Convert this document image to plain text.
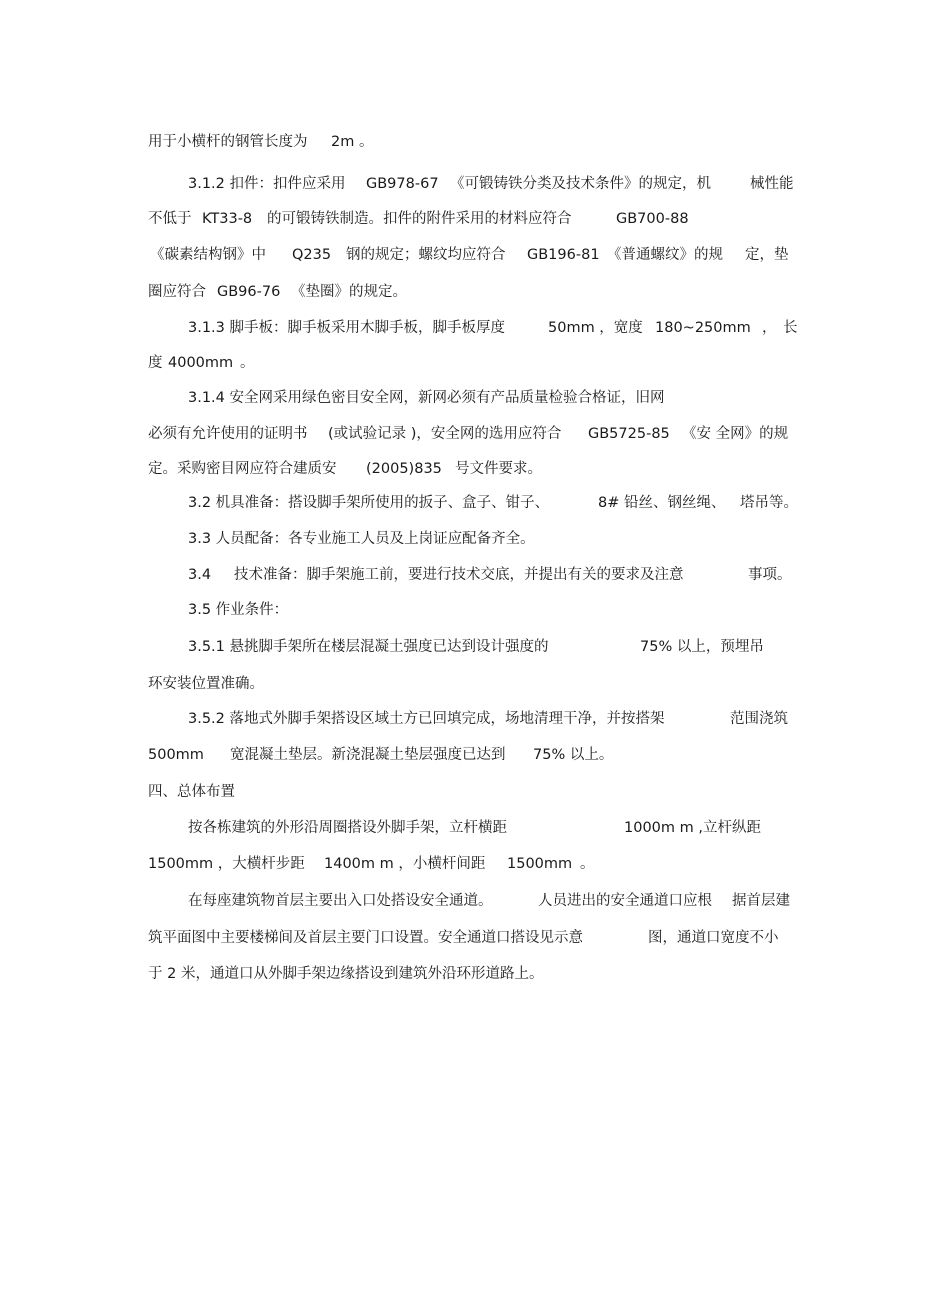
用于小横杆的钢管长度为 2m 。
3.1.2 扣件：扣件应采用 GB978-67 《可锻铸铁分类及技术条件》的规定，机	械性能
不低于 KT33-8 的可锻铸铁制造。扣件的附件采用的材料应符合	GB700-88
《碳素结构钢》中 Q235 钢的规定；螺纹均应符合 GB196-81 《普通螺纹》的规 定，垫
圈应符合 GB96-76 《垫圈》的规定。
3.1.3 脚手板：脚手板采用木脚手板，脚手板厚度	50mm ，宽度 180~250mm ， 长
度 4000mm 。
3.1.4 安全网采用绿色密目安全网，新网必须有产品质量检验合格证，旧网
必须有允许使用的证明书 (或试验记录 )，安全网的选用应符合 GB5725-85 《安 全网》的规
定。采购密目网应符合建质安 (2005)835 号文件要求。
3.2 机具准备：搭设脚手架所使用的扳子、盒子、钳子、	8# 铅丝、钢丝绳、 塔吊等。
3.3 人员配备：各专业施工人员及上岗证应配备齐全。
3.4 技术准备：脚手架施工前，要进行技术交底，并提出有关的要求及注意	事项。
3.5 作业条件：
3.5.1 悬挑脚手架所在楼层混凝土强度已达到设计强度的	75% 以上，预埋吊
环安装位置准确。
3.5.2 落地式外脚手架搭设区域土方已回填完成，场地清理干净，并按搭架	范围浇筑
500mm 宽混凝土垫层。新浇混凝土垫层强度已达到 75% 以上。
四、总体布置
按各栋建筑的外形沿周圈搭设外脚手架，立杆横距	1000m m ,立杆纵距
1500mm ，大横杆步距 1400m m ，小横杆间距 1500mm 。
在每座建筑物首层主要出入口处搭设安全通道。	人员进出的安全通道口应根 据首层建
筑平面图中主要楼梯间及首层主要门口设置。安全通道口搭设见示意	图，通道口宽度不小
于 2 米，通道口从外脚手架边缘搭设到建筑外沿环形道路上。
